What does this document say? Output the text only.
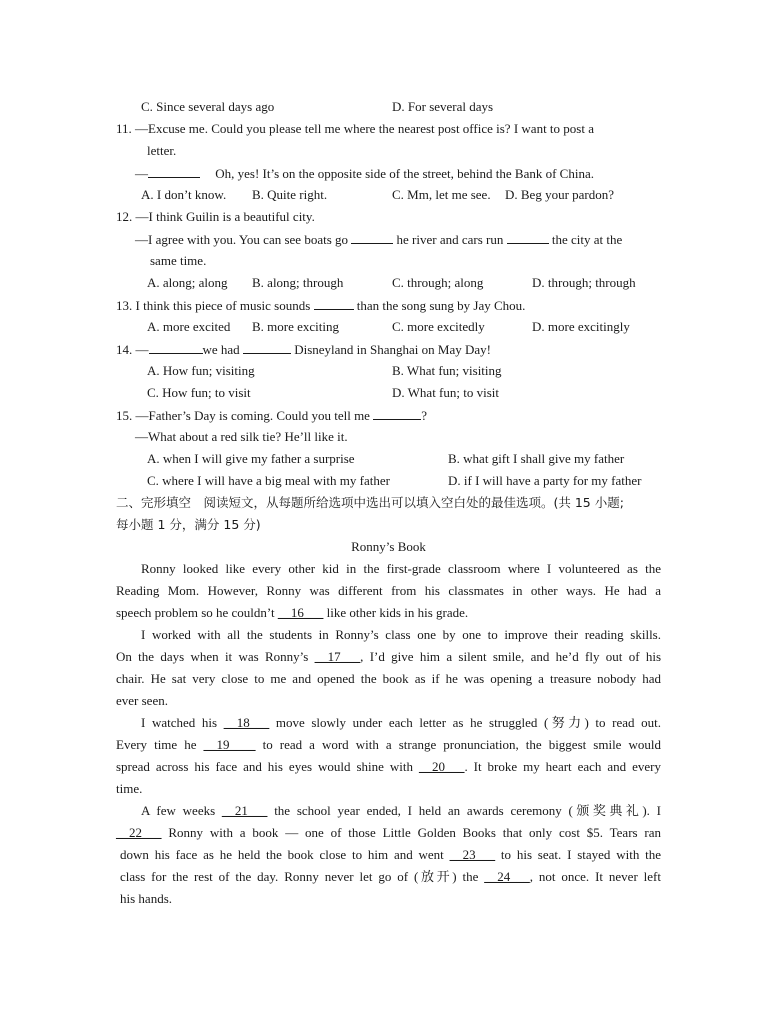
C. Since several days ago	D. For several days
11. —Excuse me. Could you please tell me where the nearest post office is? I want to post a
letter.
—	Oh, yes! It’s on the opposite side of the street, behind the Bank of China.
A. I don’t know. B. Quite right.	C. Mm, let me see. D. Beg your pardon?
12. —I think Guilin is a beautiful city.
—I agree with you. You can see boats go	he river and cars run	the city at the
same time.
A. along; along B. along; through	C. through; along	D. through; through
13. I think this piece of music sounds	than the song sung by Jay Chou.
A. more excited B. more exciting	C. more excitedly	D. more excitingly
14. —	we had	Disneyland in Shanghai on May Day!
A. How fun; visiting	B. What fun; visiting
C. How fun; to visit	D. What fun; to visit
15. —Father’s Day is coming. Could you tell me	?
—What about a red silk tie? He’ll like it.
A. when I will give my father a surprise	B. what gift I shall give my father
C. where I will have a big meal with my father	D. if I will have a party for my father
二、完形填空　阅读短文，从每题所给选项中选出可以填入空白处的最佳选项。(共 15 小题;
每小题 1 分，满分 15 分)
Ronny’s Book
Ronny looked like every other kid in the first-grade classroom where I volunteered as the
Reading Mom. However, Ronny was different from his classmates in other ways. He had a
speech problem so he couldn’t __16___ like other kids in his grade.
I worked with all the students in Ronny’s class one by one to improve their reading skills.
On the days when it was Ronny’s __17___, I’d give him a silent smile, and he’d fly out of his
chair. He sat very close to me and opened the book as if he was opening a treasure nobody had
ever seen.
I watched his __18___ move slowly under each letter as he struggled (努力) to read out.
Every time he __19____ to read a word with a strange pronunciation, the biggest smile would
spread across his face and his eyes would shine with __20___. It broke my heart each and every
time.
A few weeks __21___ the school year ended, I held an awards ceremony (颁奖典礼). I
__22___ Ronny with a book — one of those Little Golden Books that only cost $5. Tears ran
down his face as he held the book close to him and went __23___ to his seat. I stayed with the
class for the rest of the day. Ronny never let go of (放开) the __24___, not once. It never left
his hands.
